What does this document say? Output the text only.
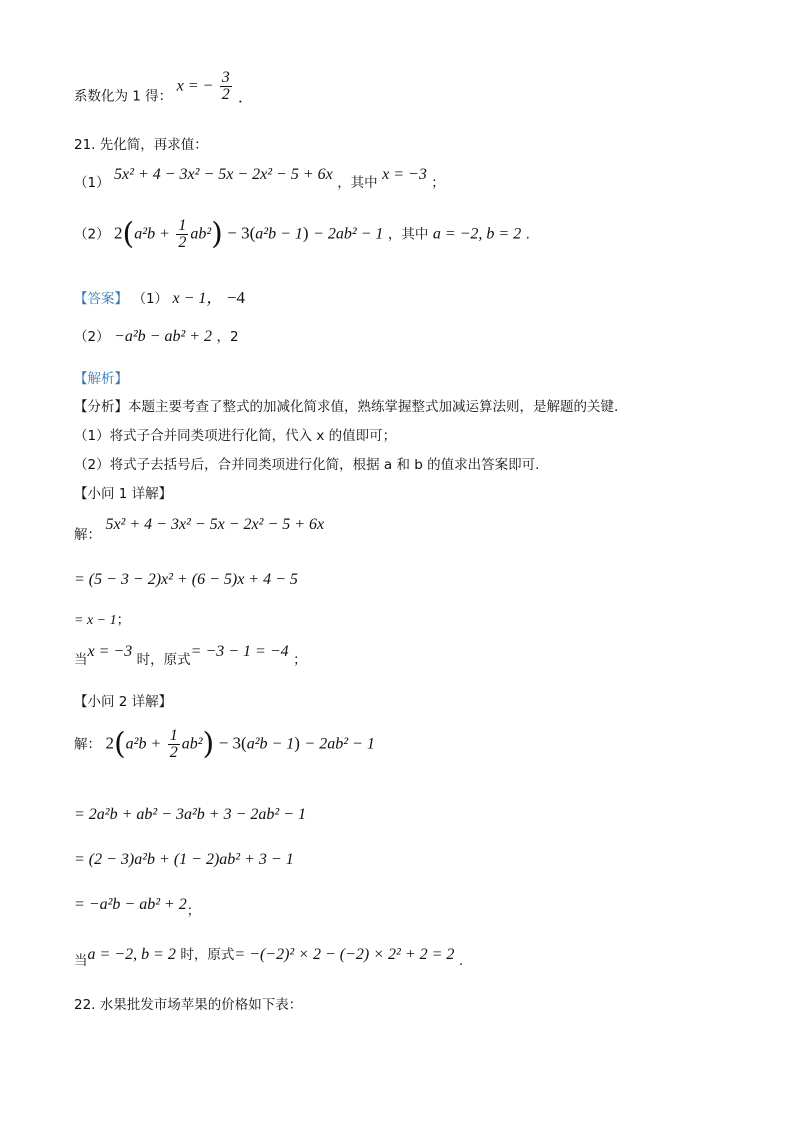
系数化为 1 得： x = − $\frac{3}{2}$ .
21. 先化简，再求值：
（1） 5x² + 4 − 3x² − 5x − 2x² − 5 + 6x ，其中 x = −3 ；
（2） $2(a^2b + \frac{1}{2} ab^2) - 3(a^2b - 1) - 2ab^2 - 1$ ，其中 a = −2, b = 2 .
【答案】 （1） x − 1， −4
（2） −a²b − ab² + 2 ，2
【解析】
【分析】本题主要考查了整式的加减化简求值，熟练掌握整式加减运算法则，是解题的关键.
（1）将式子合并同类项进行化简，代入 x 的值即可；
（2）将式子去括号后，合并同类项进行化简，根据 a 和 b 的值求出答案即可.
【小问 1 详解】
解： 5x² + 4 − 3x² − 5x − 2x² − 5 + 6x
= (5 − 3 − 2)x² + (6 − 5)x + 4 − 5
= x − 1；
当x = −3 时，原式= −3 − 1 = −4 ；
【小问 2 详解】
解： $2(a^2b + \frac{1}{2} ab^2) - 3(a^2b - 1) - 2ab^2 - 1$
= 2a²b + ab² − 3a²b + 3 − 2ab² − 1
= (2 − 3)a²b + (1 − 2)ab² + 3 − 1
= −a²b − ab² + 2；
当a = −2, b = 2 时，原式= −(−2)² × 2 − (−2) × 2² + 2 = 2 .
22. 水果批发市场苹果的价格如下表：
